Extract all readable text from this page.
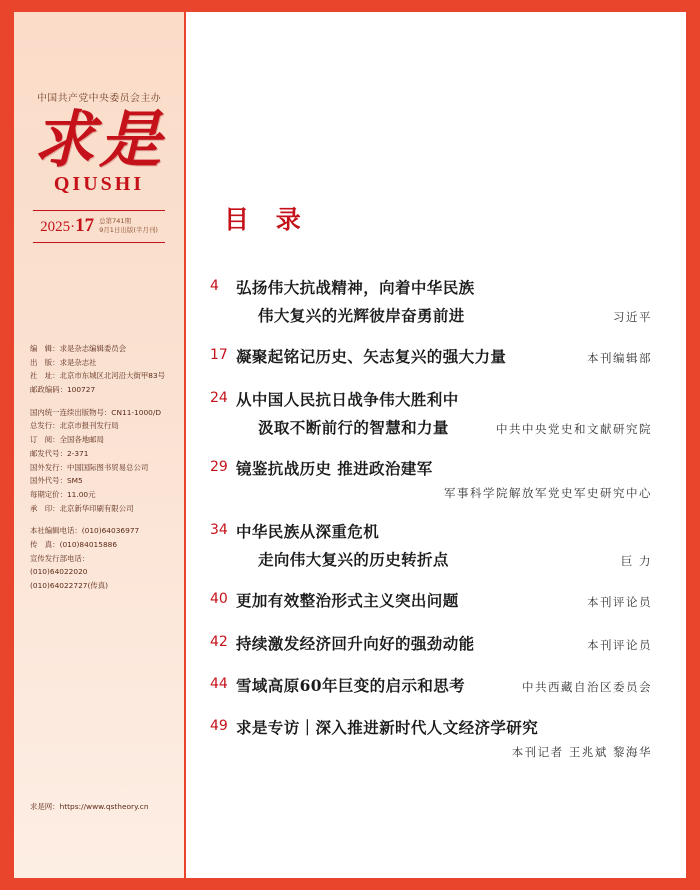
中国共产党中央委员会主办
求是
QIUSHI
2025·17 总第741期
9月1日出版(半月刊)
编　辑：求是杂志编辑委员会
出　版：求是杂志社
社　址：北京市东城区北河沿大街甲83号
邮政编码：100727
国内统一连续出版物号：CN11-1000/D
总发行：北京市报刊发行局
订　阅：全国各地邮局
邮发代号：2-371
国外发行：中国国际图书贸易总公司
国外代号：SM5
每期定价：11.00元
承　印：北京新华印刷有限公司
本社编辑电话：(010)64036977
传　真：(010)84015886
宣传发行部电话：
(010)64022020
(010)64022727(传真)
求是网：https://www.qstheory.cn
目 录
4	弘扬伟大抗战精神，向着中华民族
伟大复兴的光辉彼岸奋勇前进	习近平
17 凝聚起铭记历史、矢志复兴的强大力量	本刊编辑部
24 从中国人民抗日战争伟大胜利中
汲取不断前行的智慧和力量	中共中央党史和文献研究院
29 镜鉴抗战历史 推进政治建军
军事科学院解放军党史军史研究中心
34 中华民族从深重危机
走向伟大复兴的历史转折点	巨 力
40 更加有效整治形式主义突出问题	本刊评论员
42 持续激发经济回升向好的强劲动能	本刊评论员
44 雪域高原60年巨变的启示和思考	中共西藏自治区委员会
49 求是专访｜深入推进新时代人文经济学研究
本刊记者 王兆斌 黎海华
